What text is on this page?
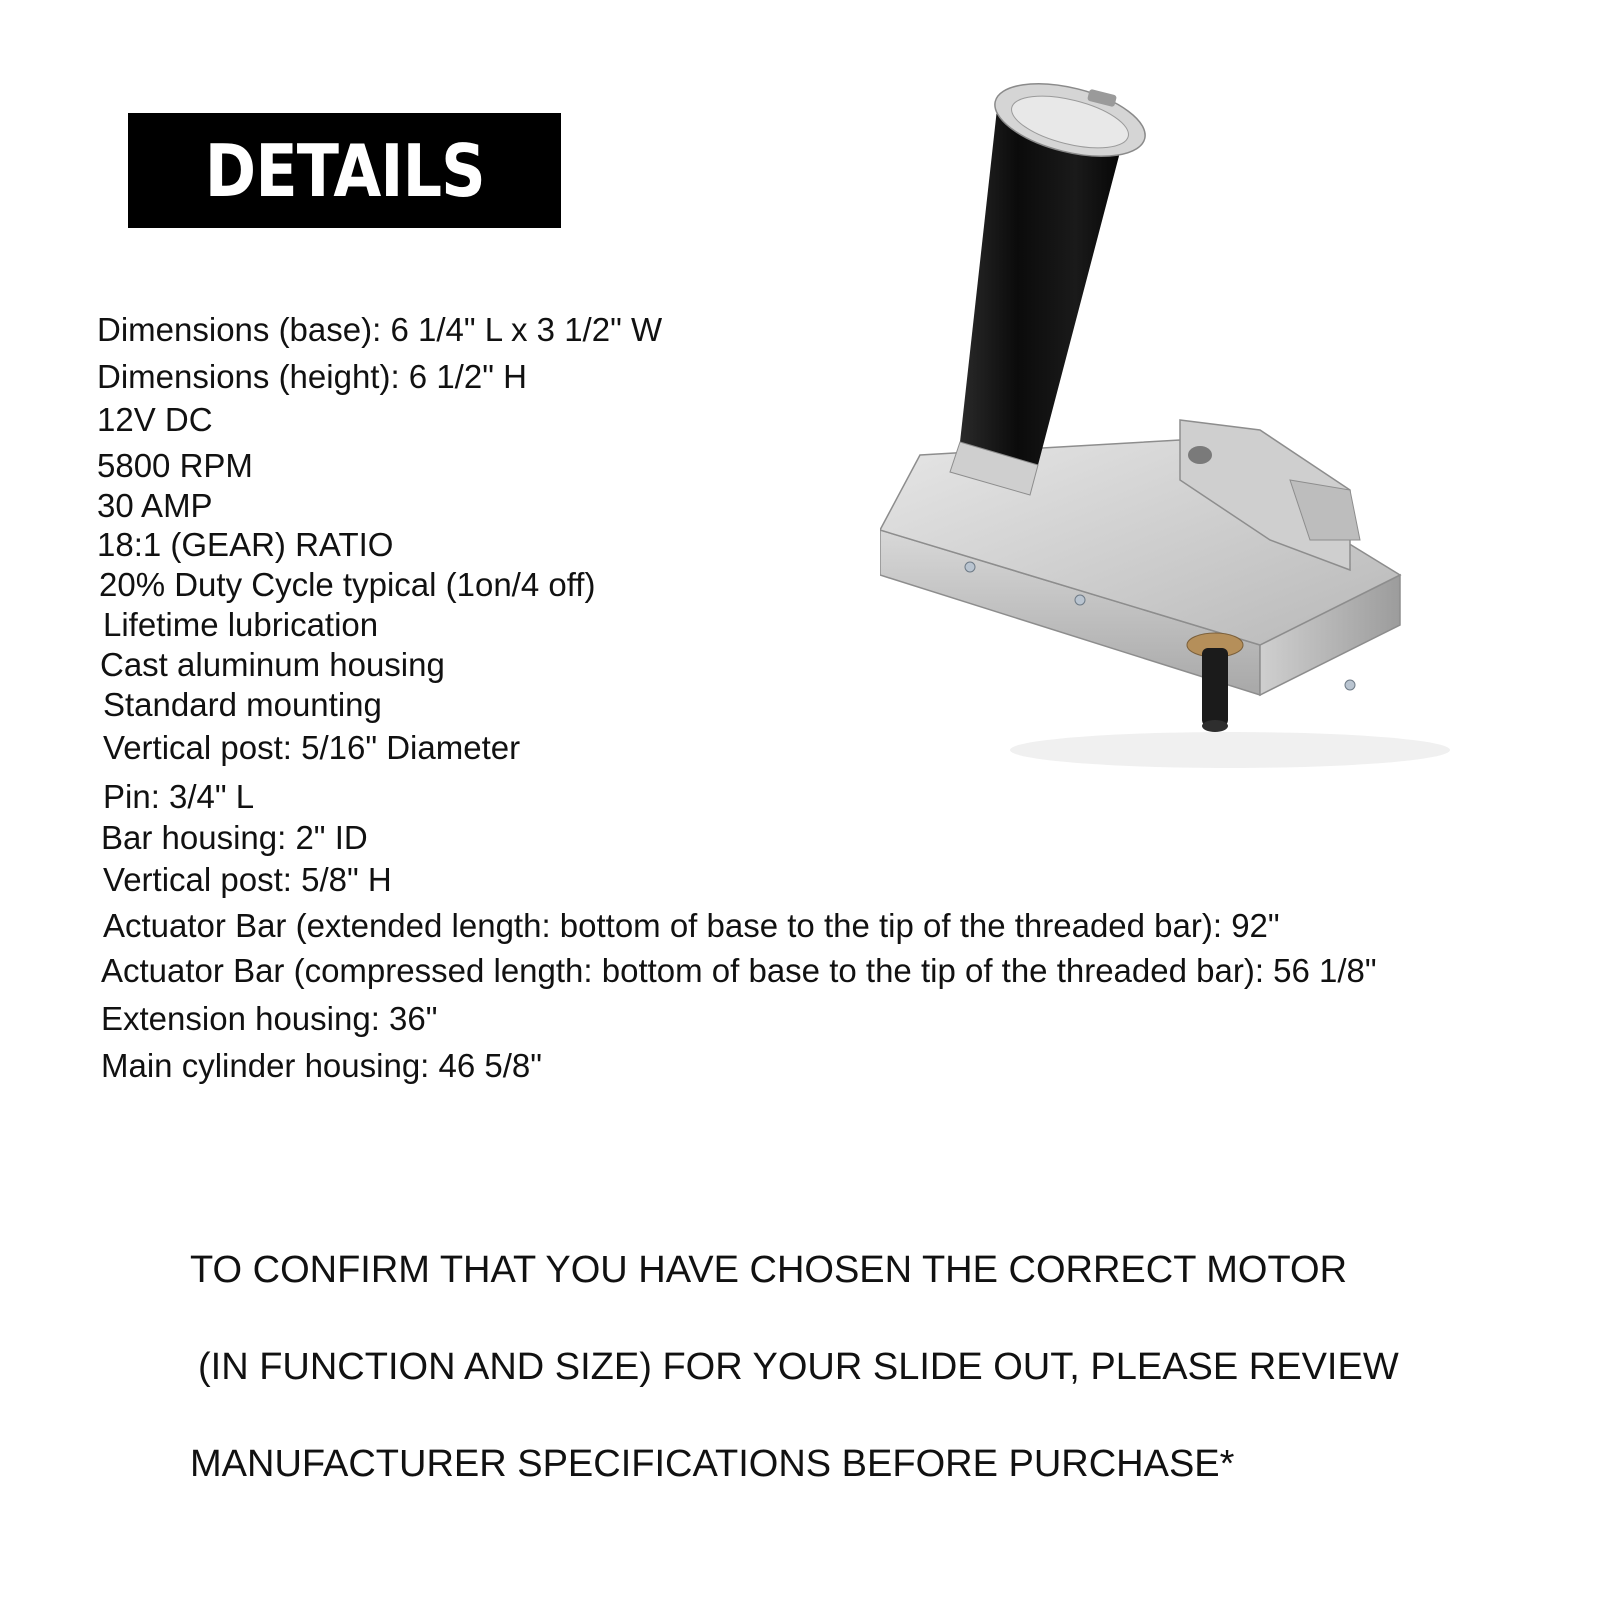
DETAILS
Dimensions (base): 6 1/4" L x 3 1/2" W
Dimensions (height): 6 1/2" H
12V DC
5800 RPM
30 AMP
18:1 (GEAR) RATIO
20% Duty Cycle typical (1on/4 off)
Lifetime lubrication
Cast aluminum housing
Standard mounting
Vertical post: 5/16" Diameter
Pin: 3/4" L
Bar housing: 2" ID
Vertical post: 5/8" H
Actuator Bar (extended length: bottom of base to the tip of the threaded bar): 92"
Actuator Bar (compressed length: bottom of base to the tip of the threaded bar): 56 1/8"
Extension housing: 36"
Main cylinder housing: 46 5/8"
TO CONFIRM THAT YOU HAVE CHOSEN THE CORRECT MOTOR
(IN FUNCTION AND SIZE) FOR YOUR SLIDE OUT, PLEASE REVIEW
MANUFACTURER SPECIFICATIONS BEFORE PURCHASE*
